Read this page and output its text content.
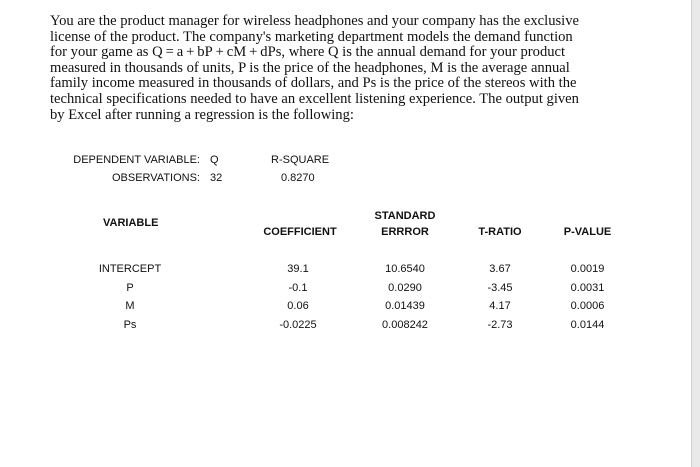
You are the product manager for wireless headphones and your company has the exclusive
license of the product. The company's marketing department models the demand function
for your game as Q = a + bP + cM + dPs, where Q is the annual demand for your product
measured in thousands of units, P is the price of the headphones, M is the average annual
family income measured in thousands of dollars, and Ps is the price of the stereos with the
technical specifications needed to have an excellent listening experience. The output given
by Excel after running a regression is the following:
DEPENDENT VARIABLE: Q
OBSERVATIONS: 32
R-SQUARE
0.8270
VARIABLE
COEFFICIENT
STANDARD
ERRROR	T-RATIO	P-VALUE
INTERCEPT
P
M
Ps
39.1
-0.1
0.06
-0.0225
10.6540
0.0290
0.01439
0.008242
3.67
-3.45
4.17
-2.73
0.0019
0.0031
0.0006
0.0144
